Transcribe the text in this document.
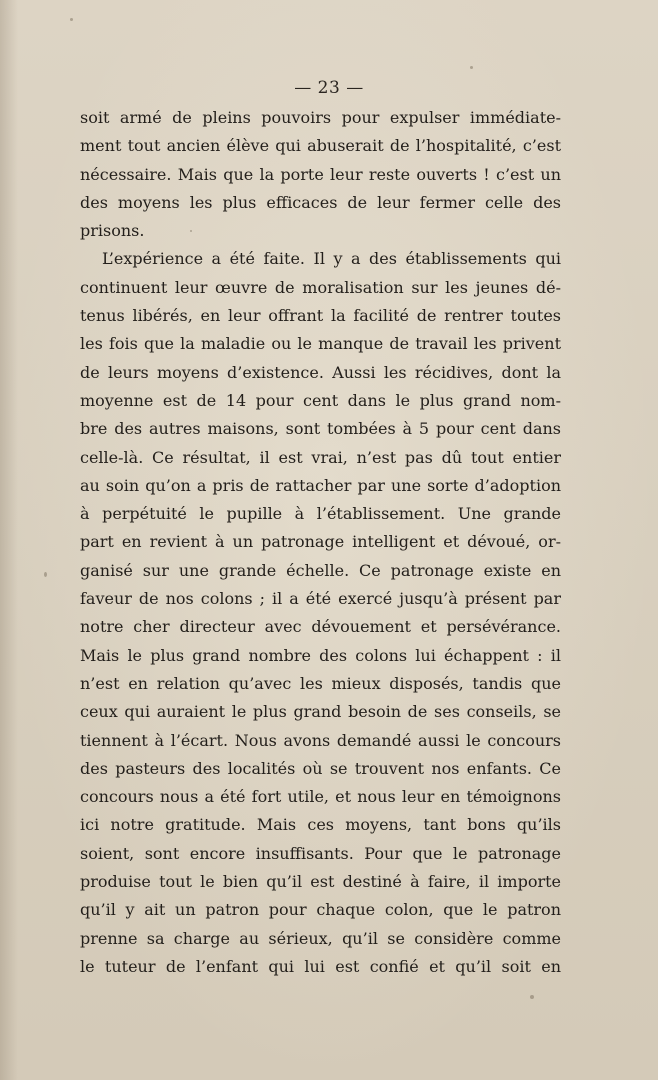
— 23 —
soit armé de pleins pouvoirs pour expulser immédiate-
ment tout ancien élève qui abuserait de l’hospitalité, c’est
nécessaire. Mais que la porte leur reste ouverts ! c’est un
des moyens les plus efficaces de leur fermer celle des
prisons.
L’expérience a été faite. Il y a des établissements qui
continuent leur œuvre de moralisation sur les jeunes dé-
tenus libérés, en leur offrant la facilité de rentrer toutes
les fois que la maladie ou le manque de travail les privent
de leurs moyens d’existence. Aussi les récidives, dont la
moyenne est de 14 pour cent dans le plus grand nom-
bre des autres maisons, sont tombées à 5 pour cent dans
celle-là. Ce résultat, il est vrai, n’est pas dû tout entier
au soin qu’on a pris de rattacher par une sorte d’adoption
à perpétuité le pupille à l’établissement. Une grande
part en revient à un patronage intelligent et dévoué, or-
ganisé sur une grande échelle. Ce patronage existe en
faveur de nos colons ; il a été exercé jusqu’à présent par
notre cher directeur avec dévouement et persévérance.
Mais le plus grand nombre des colons lui échappent : il
n’est en relation qu’avec les mieux disposés, tandis que
ceux qui auraient le plus grand besoin de ses conseils, se
tiennent à l’écart. Nous avons demandé aussi le concours
des pasteurs des localités où se trouvent nos enfants. Ce
concours nous a été fort utile, et nous leur en témoignons
ici notre gratitude. Mais ces moyens, tant bons qu’ils
soient, sont encore insuffisants. Pour que le patronage
produise tout le bien qu’il est destiné à faire, il importe
qu’il y ait un patron pour chaque colon, que le patron
prenne sa charge au sérieux, qu’il se considère comme
le tuteur de l’enfant qui lui est confié et qu’il soit en
